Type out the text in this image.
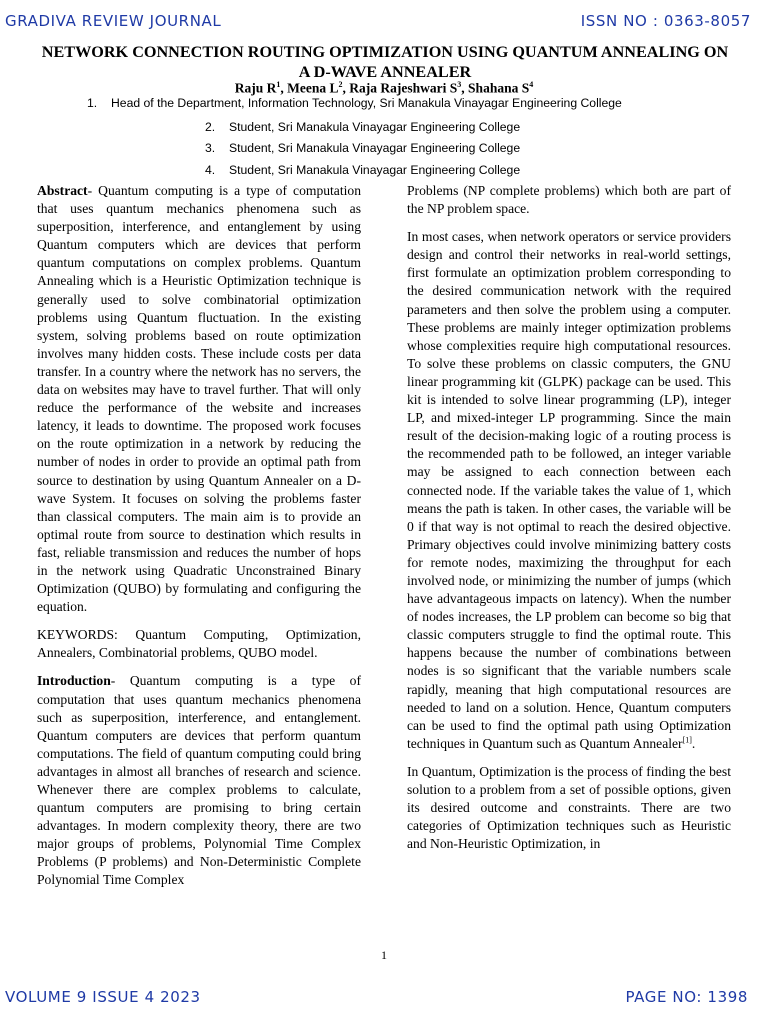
GRADIVA REVIEW JOURNAL	ISSN NO : 0363-8057
NETWORK CONNECTION ROUTING OPTIMIZATION USING QUANTUM ANNEALING ON A D-WAVE ANNEALER
Raju $R^1$, Meena $L^2$, Raja Rajeshwari $S^3$, Shahana $S^4$
1. Head of the Department, Information Technology, Sri Manakula Vinayagar Engineering College
2. Student, Sri Manakula Vinayagar Engineering College
3. Student, Sri Manakula Vinayagar Engineering College
4. Student, Sri Manakula Vinayagar Engineering College

Abstract- Quantum computing is a type of computation that uses quantum mechanics phenomena such as superposition, interference, and entanglement by using Quantum computers which are devices that perform quantum computations on complex problems. Quantum Annealing which is a Heuristic Optimization technique is generally used to solve combinatorial optimization problems using Quantum fluctuation. In the existing system, solving problems based on route optimization involves many hidden costs. These include costs per data transfer. In a country where the network has no servers, the data on websites may have to travel further. That will only reduce the performance of the website and increases latency, it leads to downtime. The proposed work focuses on the route optimization in a network by reducing the number of nodes in order to provide an optimal path from source to destination by using Quantum Annealer on a D-wave System. It focuses on solving the problems faster than classical computers. The main aim is to provide an optimal route from source to destination which results in fast, reliable transmission and reduces the number of hops in the network using Quadratic Unconstrained Binary Optimization (QUBO) by formulating and configuring the equation.

KEYWORDS: Quantum Computing, Optimization, Annealers, Combinatorial problems, QUBO model.

Introduction- Quantum computing is a type of computation that uses quantum mechanics phenomena such as superposition, interference, and entanglement. Quantum computers are devices that perform quantum computations. The field of quantum computing could bring advantages in almost all branches of research and science. Whenever there are complex problems to calculate, quantum computers are promising to bring certain advantages. In modern complexity theory, there are two major groups of problems, Polynomial Time Complex Problems (P problems) and Non-Deterministic Complete Polynomial Time Complex

Problems (NP complete problems) which both are part of the NP problem space.

In most cases, when network operators or service providers design and control their networks in real-world settings, first formulate an optimization problem corresponding to the desired communication network with the required parameters and then solve the problem using a computer. These problems are mainly integer optimization problems whose complexities require high computational resources. To solve these problems on classic computers, the GNU linear programming kit (GLPK) package can be used. This kit is intended to solve linear programming (LP), integer LP, and mixed-integer LP programming. Since the main result of the decision-making logic of a routing process is the recommended path to be followed, an integer variable may be assigned to each connection between each connected node. If the variable takes the value of 1, which means the path is taken. In other cases, the variable will be 0 if that way is not optimal to reach the desired objective. Primary objectives could involve minimizing battery costs for remote nodes, maximizing the throughput for each involved node, or minimizing the number of jumps (which have advantageous impacts on latency). When the number of nodes increases, the LP problem can become so big that classic computers struggle to find the optimal route. This happens because the number of combinations between nodes is so significant that the variable numbers scale rapidly, meaning that high computational resources are needed to land on a solution. Hence, Quantum computers can be used to find the optimal path using Optimization techniques in Quantum such as Quantum Annealer[1].

In Quantum, Optimization is the process of finding the best solution to a problem from a set of possible options, given its desired outcome and constraints. There are two categories of Optimization techniques such as Heuristic and Non-Heuristic Optimization, in

1
VOLUME 9 ISSUE 4 2023	PAGE NO: 1398
